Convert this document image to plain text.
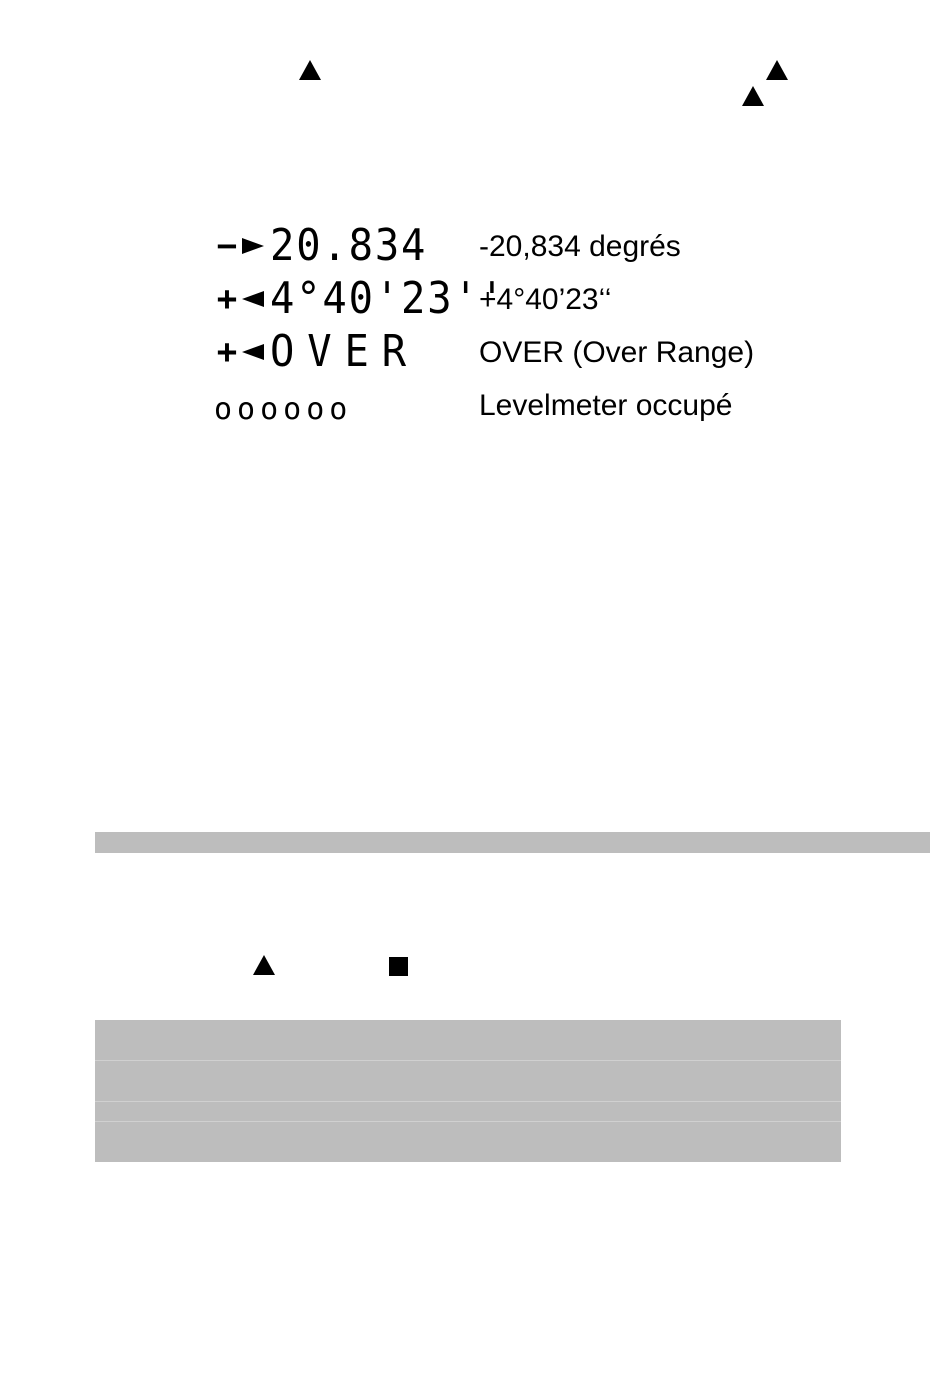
− 20.834 -20,834 degrés
+ 4°40'23''
+4°40’23‘‘
+ OVER OVER (Over Range)
oooooo	Levelmeter occupé
